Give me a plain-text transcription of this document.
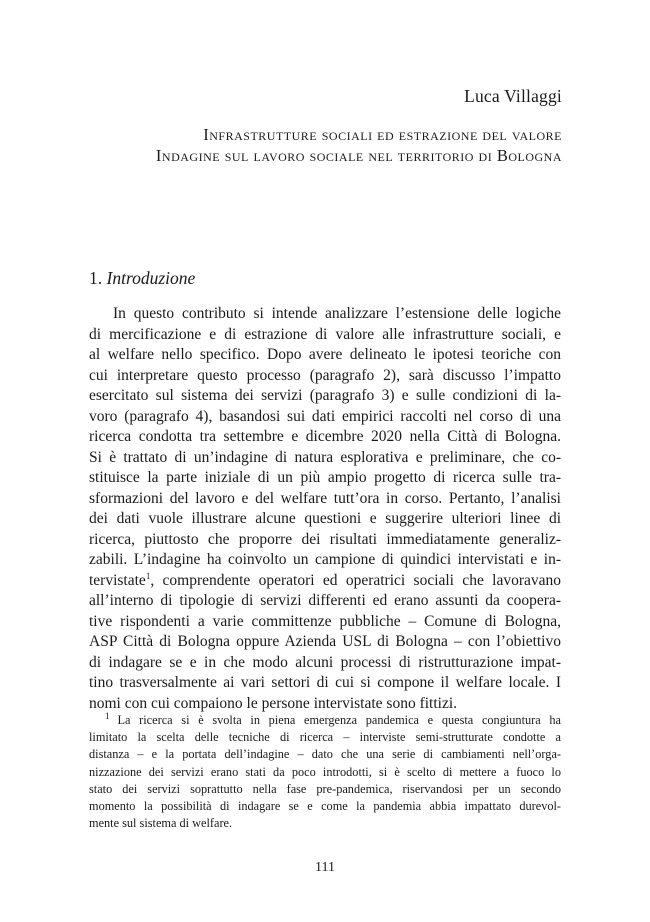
Luca Villaggi
Infrastrutture sociali ed estrazione del valore
Indagine sul lavoro sociale nel territorio di Bologna
1. Introduzione
In questo contributo si intende analizzare l’estensione delle logiche
di mercificazione e di estrazione di valore alle infrastrutture sociali, e
al welfare nello specifico. Dopo avere delineato le ipotesi teoriche con
cui interpretare questo processo (paragrafo 2), sarà discusso l’impatto
esercitato sul sistema dei servizi (paragrafo 3) e sulle condizioni di la-
voro (paragrafo 4), basandosi sui dati empirici raccolti nel corso di una
ricerca condotta tra settembre e dicembre 2020 nella Città di Bologna.
Si è trattato di un’indagine di natura esplorativa e preliminare, che co-
stituisce la parte iniziale di un più ampio progetto di ricerca sulle tra-
sformazioni del lavoro e del welfare tutt’ora in corso. Pertanto, l’analisi
dei dati vuole illustrare alcune questioni e suggerire ulteriori linee di
ricerca, piuttosto che proporre dei risultati immediatamente generaliz-
zabili. L’indagine ha coinvolto un campione di quindici intervistati e in-
tervistate$^1$, comprendente operatori ed operatrici sociali che lavoravano
all’interno di tipologie di servizi differenti ed erano assunti da coopera-
tive rispondenti a varie committenze pubbliche – Comune di Bologna,
ASP Città di Bologna oppure Azienda USL di Bologna – con l’obiettivo
di indagare se e in che modo alcuni processi di ristrutturazione impat-
tino trasversalmente ai vari settori di cui si compone il welfare locale. I
nomi con cui compaiono le persone intervistate sono fittizi.
$^1$ La ricerca si è svolta in piena emergenza pandemica e questa congiuntura ha
limitato la scelta delle tecniche di ricerca – interviste semi-strutturate condotte a
distanza – e la portata dell’indagine – dato che una serie di cambiamenti nell’orga-
nizzazione dei servizi erano stati da poco introdotti, si è scelto di mettere a fuoco lo
stato dei servizi soprattutto nella fase pre-pandemica, riservandosi per un secondo
momento la possibilità di indagare se e come la pandemia abbia impattato durevol-
mente sul sistema di welfare.
111
